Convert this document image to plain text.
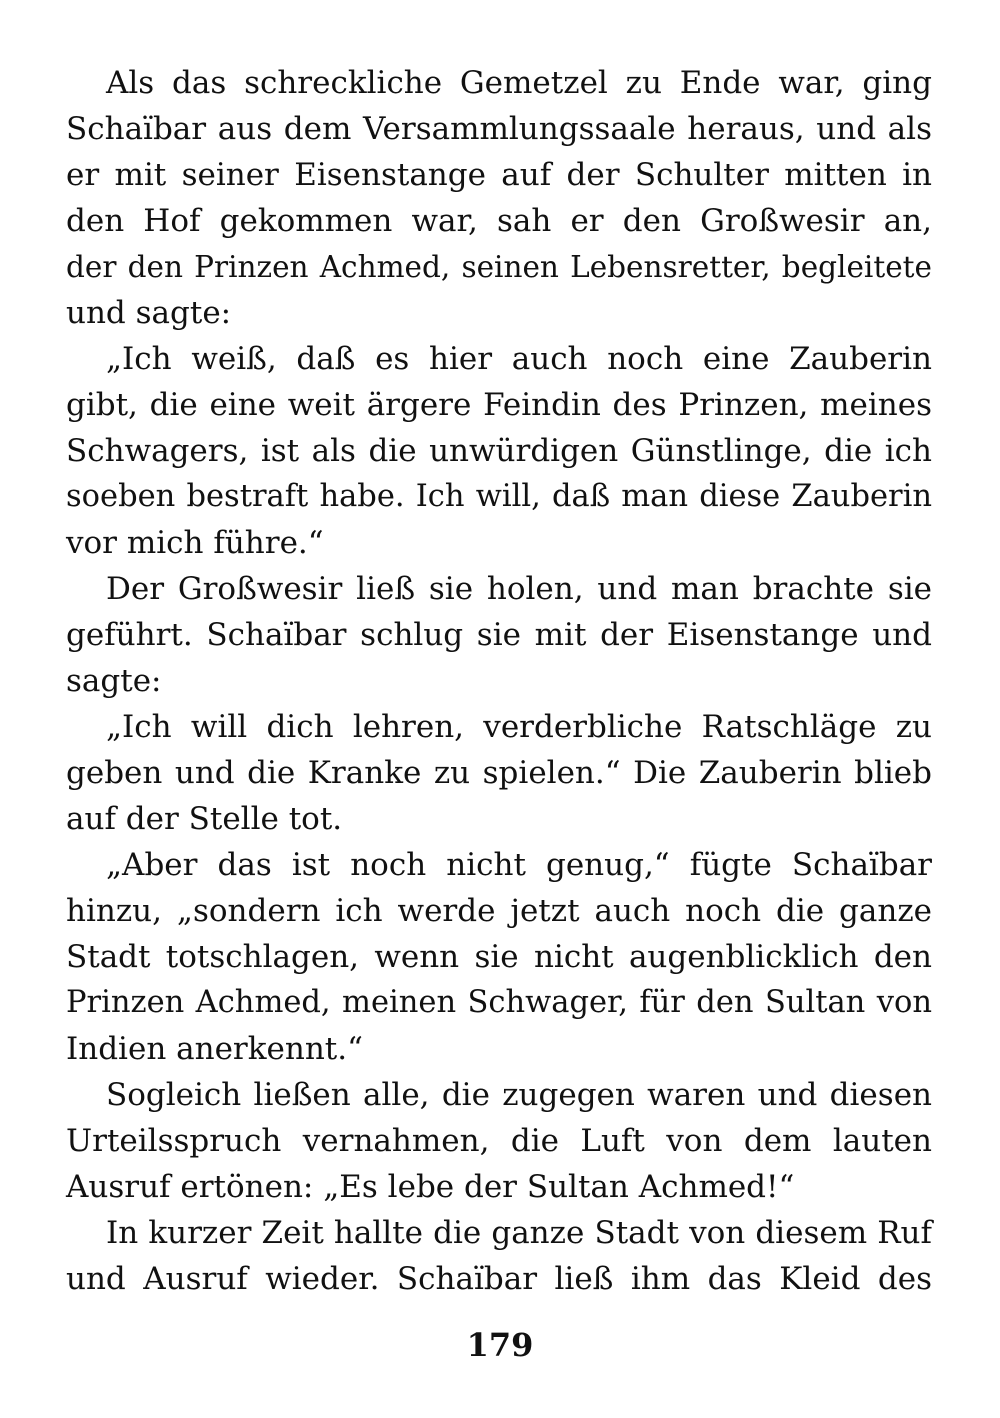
Als das schreckliche Gemetzel zu Ende war, ging
Schaïbar aus dem Versammlungssaale heraus, und als
er mit seiner Eisenstange auf der Schulter mitten in
den Hof gekommen war, sah er den Großwesir an,
der den Prinzen Achmed, seinen Lebensretter, begleitete
und sagte:
„Ich weiß, daß es hier auch noch eine Zauberin
gibt, die eine weit ärgere Feindin des Prinzen, meines
Schwagers, ist als die unwürdigen Günstlinge, die ich
soeben bestraft habe. Ich will, daß man diese Zauberin
vor mich führe.“
Der Großwesir ließ sie holen, und man brachte sie
geführt. Schaïbar schlug sie mit der Eisenstange und
sagte:
„Ich will dich lehren, verderbliche Ratschläge zu
geben und die Kranke zu spielen.“ Die Zauberin blieb
auf der Stelle tot.
„Aber das ist noch nicht genug,“ fügte Schaïbar
hinzu, „sondern ich werde jetzt auch noch die ganze
Stadt totschlagen, wenn sie nicht augenblicklich den
Prinzen Achmed, meinen Schwager, für den Sultan von
Indien anerkennt.“
Sogleich ließen alle, die zugegen waren und diesen
Urteilsspruch vernahmen, die Luft von dem lauten
Ausruf ertönen: „Es lebe der Sultan Achmed!“
In kurzer Zeit hallte die ganze Stadt von diesem Ruf
und Ausruf wieder. Schaïbar ließ ihm das Kleid des
179
